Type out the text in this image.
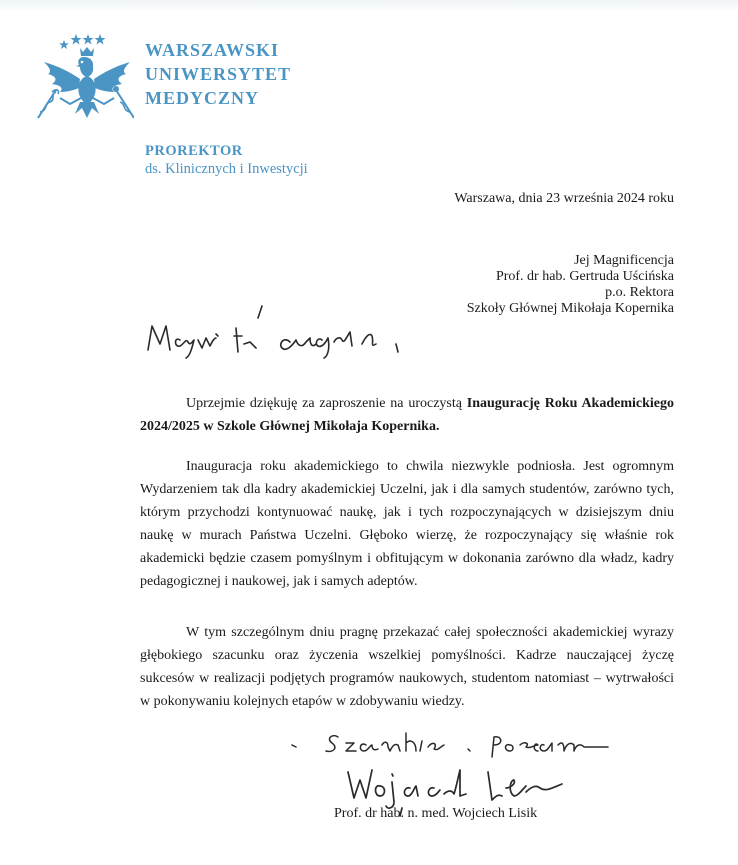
WARSZAWSKI
UNIWERSYTET
MEDYCZNY
PROREKTOR
ds. Klinicznych i Inwestycji
Warszawa, dnia 23 września 2024 roku
Jej Magnificencja
Prof. dr hab. Gertruda Uścińska
p.o. Rektora
Szkoły Głównej Mikołaja Kopernika

Uprzejmie dziękuję za zaproszenie na uroczystą Inaugurację Roku Akademickiego 2024/2025 w Szkole Głównej Mikołaja Kopernika.

Inauguracja roku akademickiego to chwila niezwykle podniosła. Jest ogromnym Wydarzeniem tak dla kadry akademickiej Uczelni, jak i dla samych studentów, zarówno tych, którym przychodzi kontynuować naukę, jak i tych rozpoczynających w dzisiejszym dniu naukę w murach Państwa Uczelni. Głęboko wierzę, że rozpoczynający się właśnie rok akademicki będzie czasem pomyślnym i obfitującym w dokonania zarówno dla władz, kadry pedagogicznej i naukowej, jak i samych adeptów.

W tym szczególnym dniu pragnę przekazać całej społeczności akademickiej wyrazy głębokiego szacunku oraz życzenia wszelkiej pomyślności. Kadrze nauczającej życzę sukcesów w realizacji podjętych programów naukowych, studentom natomiast – wytrwałości w pokonywaniu kolejnych etapów w zdobywaniu wiedzy.

Prof. dr hab. n. med. Wojciech Lisik
